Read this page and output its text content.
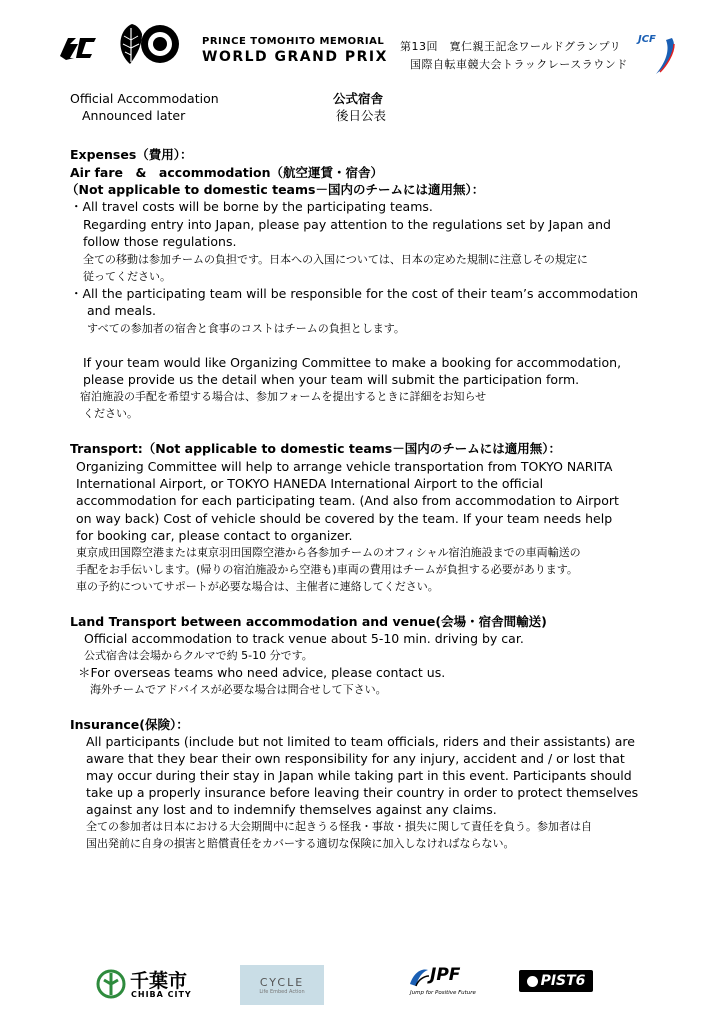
PRINCE TOMOHITO MEMORIAL
WORLD GRAND PRIX
第13回　寛仁親王記念ワールドグランプリ
国際自転車競大会トラックレースラウンド
JCF
Official Accommodation	公式宿舎
Announced later	後日公表
Expenses（費用）：
Air fare　&　accommodation（航空運賃・宿舎）
（Not applicable to domestic teams－国内のチームには適用無）：
・All travel costs will be borne by the participating teams.
Regarding entry into Japan, please pay attention to the regulations set by Japan and
follow those regulations.
全ての移動は参加チームの負担です。日本への入国については、日本の定めた規制に注意しその規定に
従ってください。
・All the participating team will be responsible for the cost of their team’s accommodation
and meals.
すべての参加者の宿舎と食事のコストはチームの負担とします。
If your team would like Organizing Committee to make a booking for accommodation,
please provide us the detail when your team will submit the participation form.
宿泊施設の手配を希望する場合は、参加フォームを提出するときに詳細をお知らせ
ください。
Transport:（Not applicable to domestic teams－国内のチームには適用無）：
Organizing Committee will help to arrange vehicle transportation from TOKYO NARITA
International Airport, or TOKYO HANEDA International Airport to the official
accommodation for each participating team. (And also from accommodation to Airport
on way back) Cost of vehicle should be covered by the team. If your team needs help
for booking car, please contact to organizer.
東京成田国際空港または東京羽田国際空港から各参加チームのオフィシャル宿泊施設までの車両輸送の
手配をお手伝いします。(帰りの宿泊施設から空港も)車両の費用はチームが負担する必要があります。
車の予約についてサポートが必要な場合は、主催者に連絡してください。
Land Transport between accommodation and venue(会場・宿舎間輸送)
Official accommodation to track venue about 5-10 min. driving by car.
公式宿舎は会場からクルマで約 5-10 分です。
＊For overseas teams who need advice, please contact us.
海外チームでアドバイスが必要な場合は問合せして下さい。
Insurance(保険）：
All participants (include but not limited to team officials, riders and their assistants) are
aware that they bear their own responsibility for any injury, accident and / or lost that
may occur during their stay in Japan while taking part in this event. Participants should
take up a properly insurance before leaving their country in order to protect themselves
against any lost and to indemnify themselves against any claims.
全ての参加者は日本における大会期間中に起きうる怪我・事故・損失に関して責任を負う。参加者は自
国出発前に自身の損害と賠償責任をカバーする適切な保険に加入しなければならない。
千葉市
CHIBA CITY
CYCLE
Life Embed Action
JPF
Jump for Positive Future
PIST6
